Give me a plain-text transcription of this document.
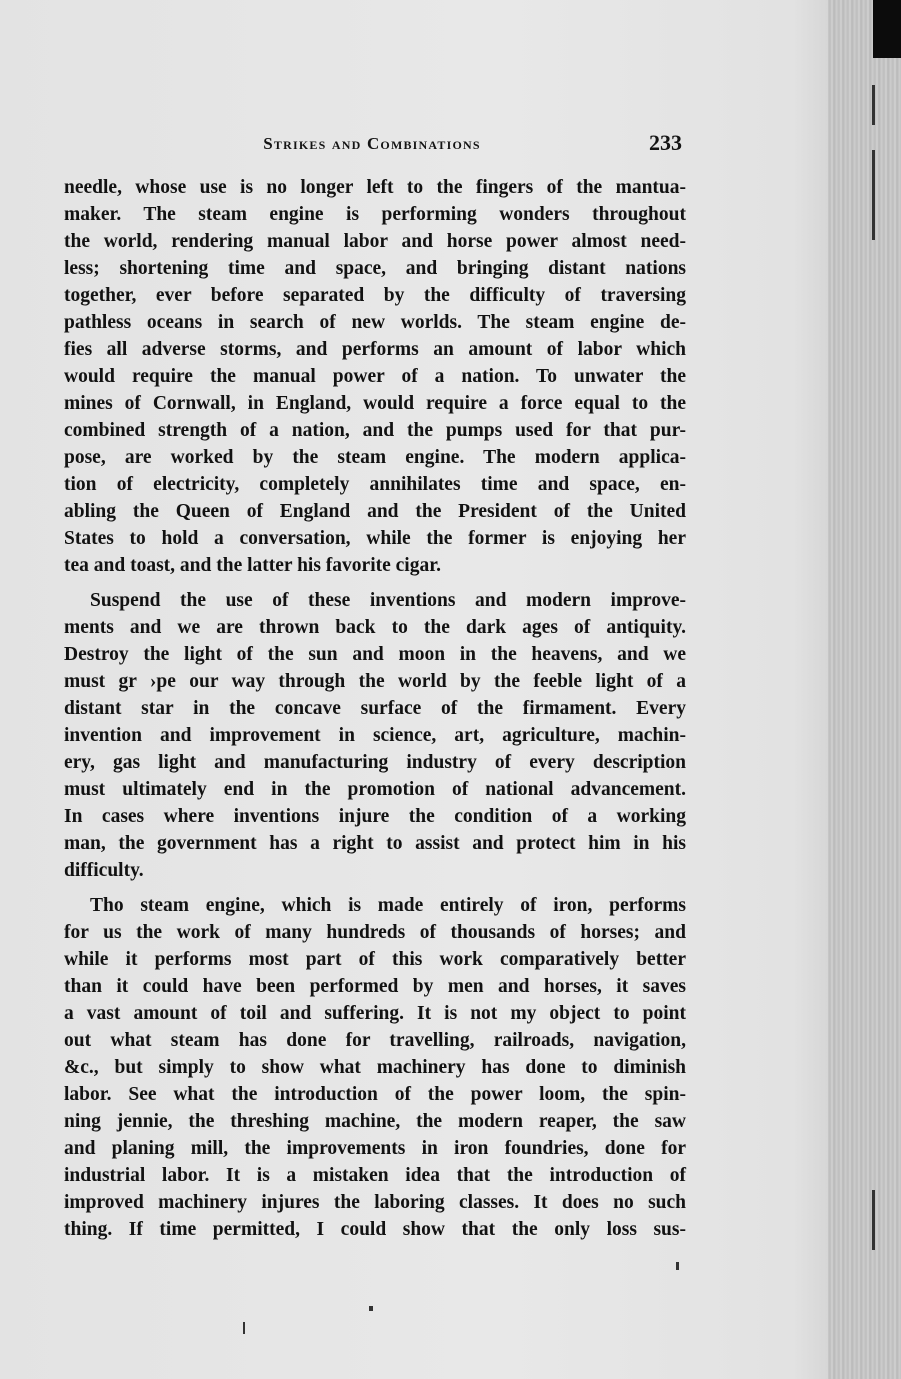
Strikes and Combinations	233

needle, whose use is no longer left to the fingers of the mantua-
maker. The steam engine is performing wonders throughout
the world, rendering manual labor and horse power almost need-
less; shortening time and space, and bringing distant nations
together, ever before separated by the difficulty of traversing
pathless oceans in search of new worlds. The steam engine de-
fies all adverse storms, and performs an amount of labor which
would require the manual power of a nation. To unwater the
mines of Cornwall, in England, would require a force equal to the
combined strength of a nation, and the pumps used for that pur-
pose, are worked by the steam engine. The modern applica-
tion of electricity, completely annihilates time and space, en-
abling the Queen of England and the President of the United
States to hold a conversation, while the former is enjoying her
tea and toast, and the latter his favorite cigar.

Suspend the use of these inventions and modern improve-
ments and we are thrown back to the dark ages of antiquity.
Destroy the light of the sun and moon in the heavens, and we
must gr ›pe our way through the world by the feeble light of a
distant star in the concave surface of the firmament. Every
invention and improvement in science, art, agriculture, machin-
ery, gas light and manufacturing industry of every description
must ultimately end in the promotion of national advancement.
In cases where inventions injure the condition of a working
man, the government has a right to assist and protect him in his
difficulty.

Tho steam engine, which is made entirely of iron, performs
for us the work of many hundreds of thousands of horses; and
while it performs most part of this work comparatively better
than it could have been performed by men and horses, it saves
a vast amount of toil and suffering. It is not my object to point
out what steam has done for travelling, railroads, navigation,
&c., but simply to show what machinery has done to diminish
labor. See what the introduction of the power loom, the spin-
ning jennie, the threshing machine, the modern reaper, the saw
and planing mill, the improvements in iron foundries, done for
industrial labor. It is a mistaken idea that the introduction of
improved machinery injures the laboring classes. It does no such
thing. If time permitted, I could show that the only loss sus-
